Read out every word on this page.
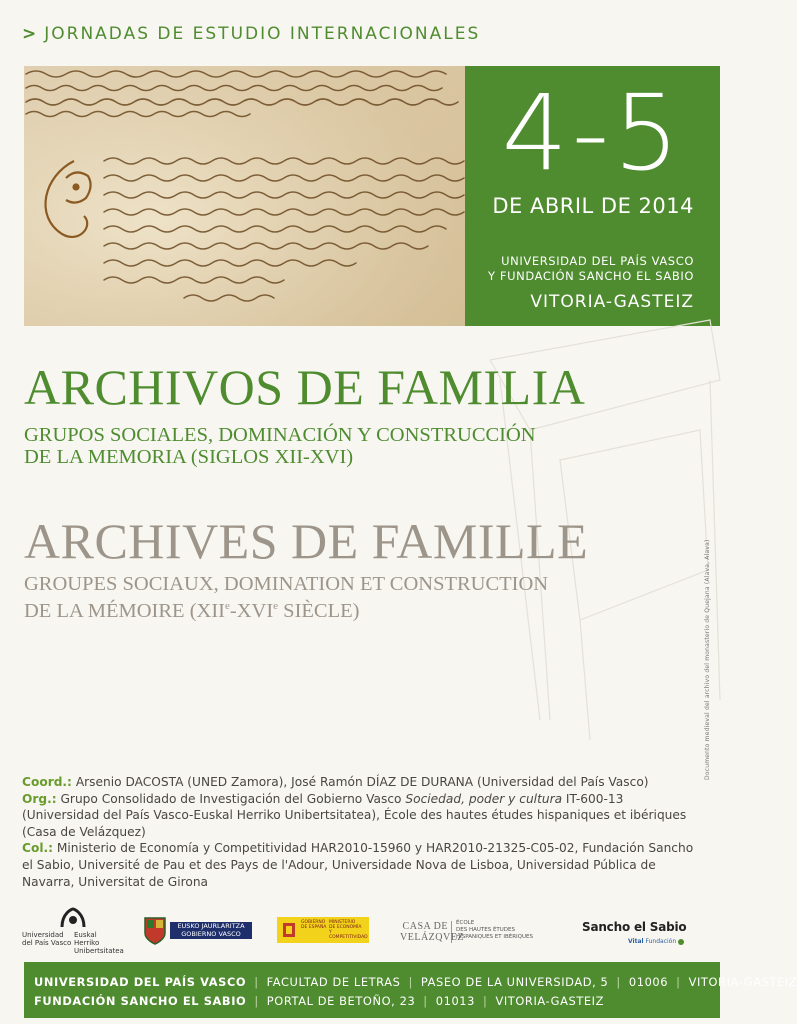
> JORNADAS DE ESTUDIO INTERNACIONALES
4-5
DE ABRIL DE 2014
UNIVERSIDAD DEL PAÍS VASCO
Y FUNDACIÓN SANCHO EL SABIO
VITORIA-GASTEIZ
ARCHIVOS DE FAMILIA
GRUPOS SOCIALES, DOMINACIÓN Y CONSTRUCCIÓN
DE LA MEMORIA (SIGLOS XII-XVI)
ARCHIVES DE FAMILLE
GROUPES SOCIAUX, DOMINATION ET CONSTRUCTION
DE LA MÉMOIRE (XIIe-XVIe SIÈCLE)	Documento medieval del archivo del monasterio de Quejana (Álava, Álava)

Coord.: Arsenio DACOSTA (UNED Zamora), José Ramón DÍAZ DE DURANA (Universidad del País Vasco)

Org.: Grupo Consolidado de Investigación del Gobierno Vasco Sociedad, poder y cultura IT-600-13 (Universidad del País Vasco-Euskal Herriko Unibertsitatea), École des hautes études hispaniques et ibériques (Casa de Velázquez)

Col.: Ministerio de Economía y Competitividad HAR2010-15960 y HAR2010-21325-C05-02, Fundación Sancho el Sabio, Université de Pau et des Pays de l'Adour, Universidade Nova de Lisboa, Universidad Pública de Navarra, Universitat de Girona

Universidad
del País Vasco
Euskal Herriko
Unibertsitatea
EUSKO JAURLARITZA
GOBIERNO VASCO
GOBIERNO
DE ESPAÑA
MINISTERIO
DE ECONOMÍA
Y COMPETITIVIDAD
CASA DE
VELÁZQVEZ
ÉCOLE
DES HAUTES ÉTUDES
HISPANIQUES ET IBÉRIQUES
Sancho el Sabio
Vital Fundación
UNIVERSIDAD DEL PAÍS VASCO | FACULTAD DE LETRAS | PASEO DE LA UNIVERSIDAD, 5 | 01006 | VITORIA-GASTEIZ
FUNDACIÓN SANCHO EL SABIO | PORTAL DE BETOÑO, 23 | 01013 | VITORIA-GASTEIZ
